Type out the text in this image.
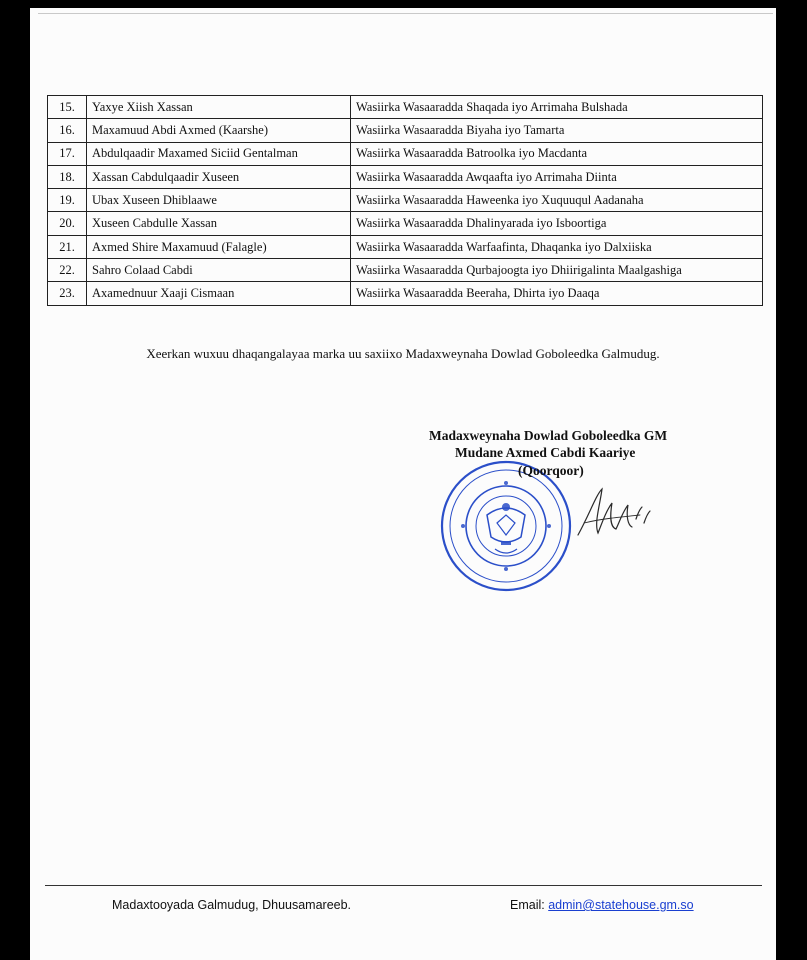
15.	Yaxye Xiish Xassan	Wasiirka Wasaaradda Shaqada iyo Arrimaha Bulshada
16.	Maxamuud Abdi Axmed (Kaarshe)	Wasiirka Wasaaradda Biyaha iyo Tamarta
17.	Abdulqaadir Maxamed Siciid Gentalman	Wasiirka Wasaaradda Batroolka iyo Macdanta
18.	Xassan Cabdulqaadir Xuseen	Wasiirka Wasaaradda Awqaafta iyo Arrimaha Diinta
19.	Ubax Xuseen Dhiblaawe	Wasiirka Wasaaradda Haweenka iyo Xuquuqul Aadanaha
20.	Xuseen Cabdulle Xassan	Wasiirka Wasaaradda Dhalinyarada iyo Isboortiga
21.	Axmed Shire Maxamuud (Falagle)	Wasiirka Wasaaradda Warfaafinta, Dhaqanka iyo Dalxiiska
22.	Sahro Colaad Cabdi	Wasiirka Wasaaradda Qurbajoogta iyo Dhiirigalinta Maalgashiga
23.	Axamednuur Xaaji Cismaan	Wasiirka Wasaaradda Beeraha, Dhirta iyo Daaqa
Xeerkan wuxuu dhaqangalayaa marka uu saxiixo Madaxweynaha Dowlad Goboleedka Galmudug.
Madaxweynaha Dowlad Goboleedka GM
Mudane Axmed Cabdi Kaariye
(Qoorqoor)
Madaxtooyada Galmudug, Dhuusamareeb.	Email: admin@statehouse.gm.so
